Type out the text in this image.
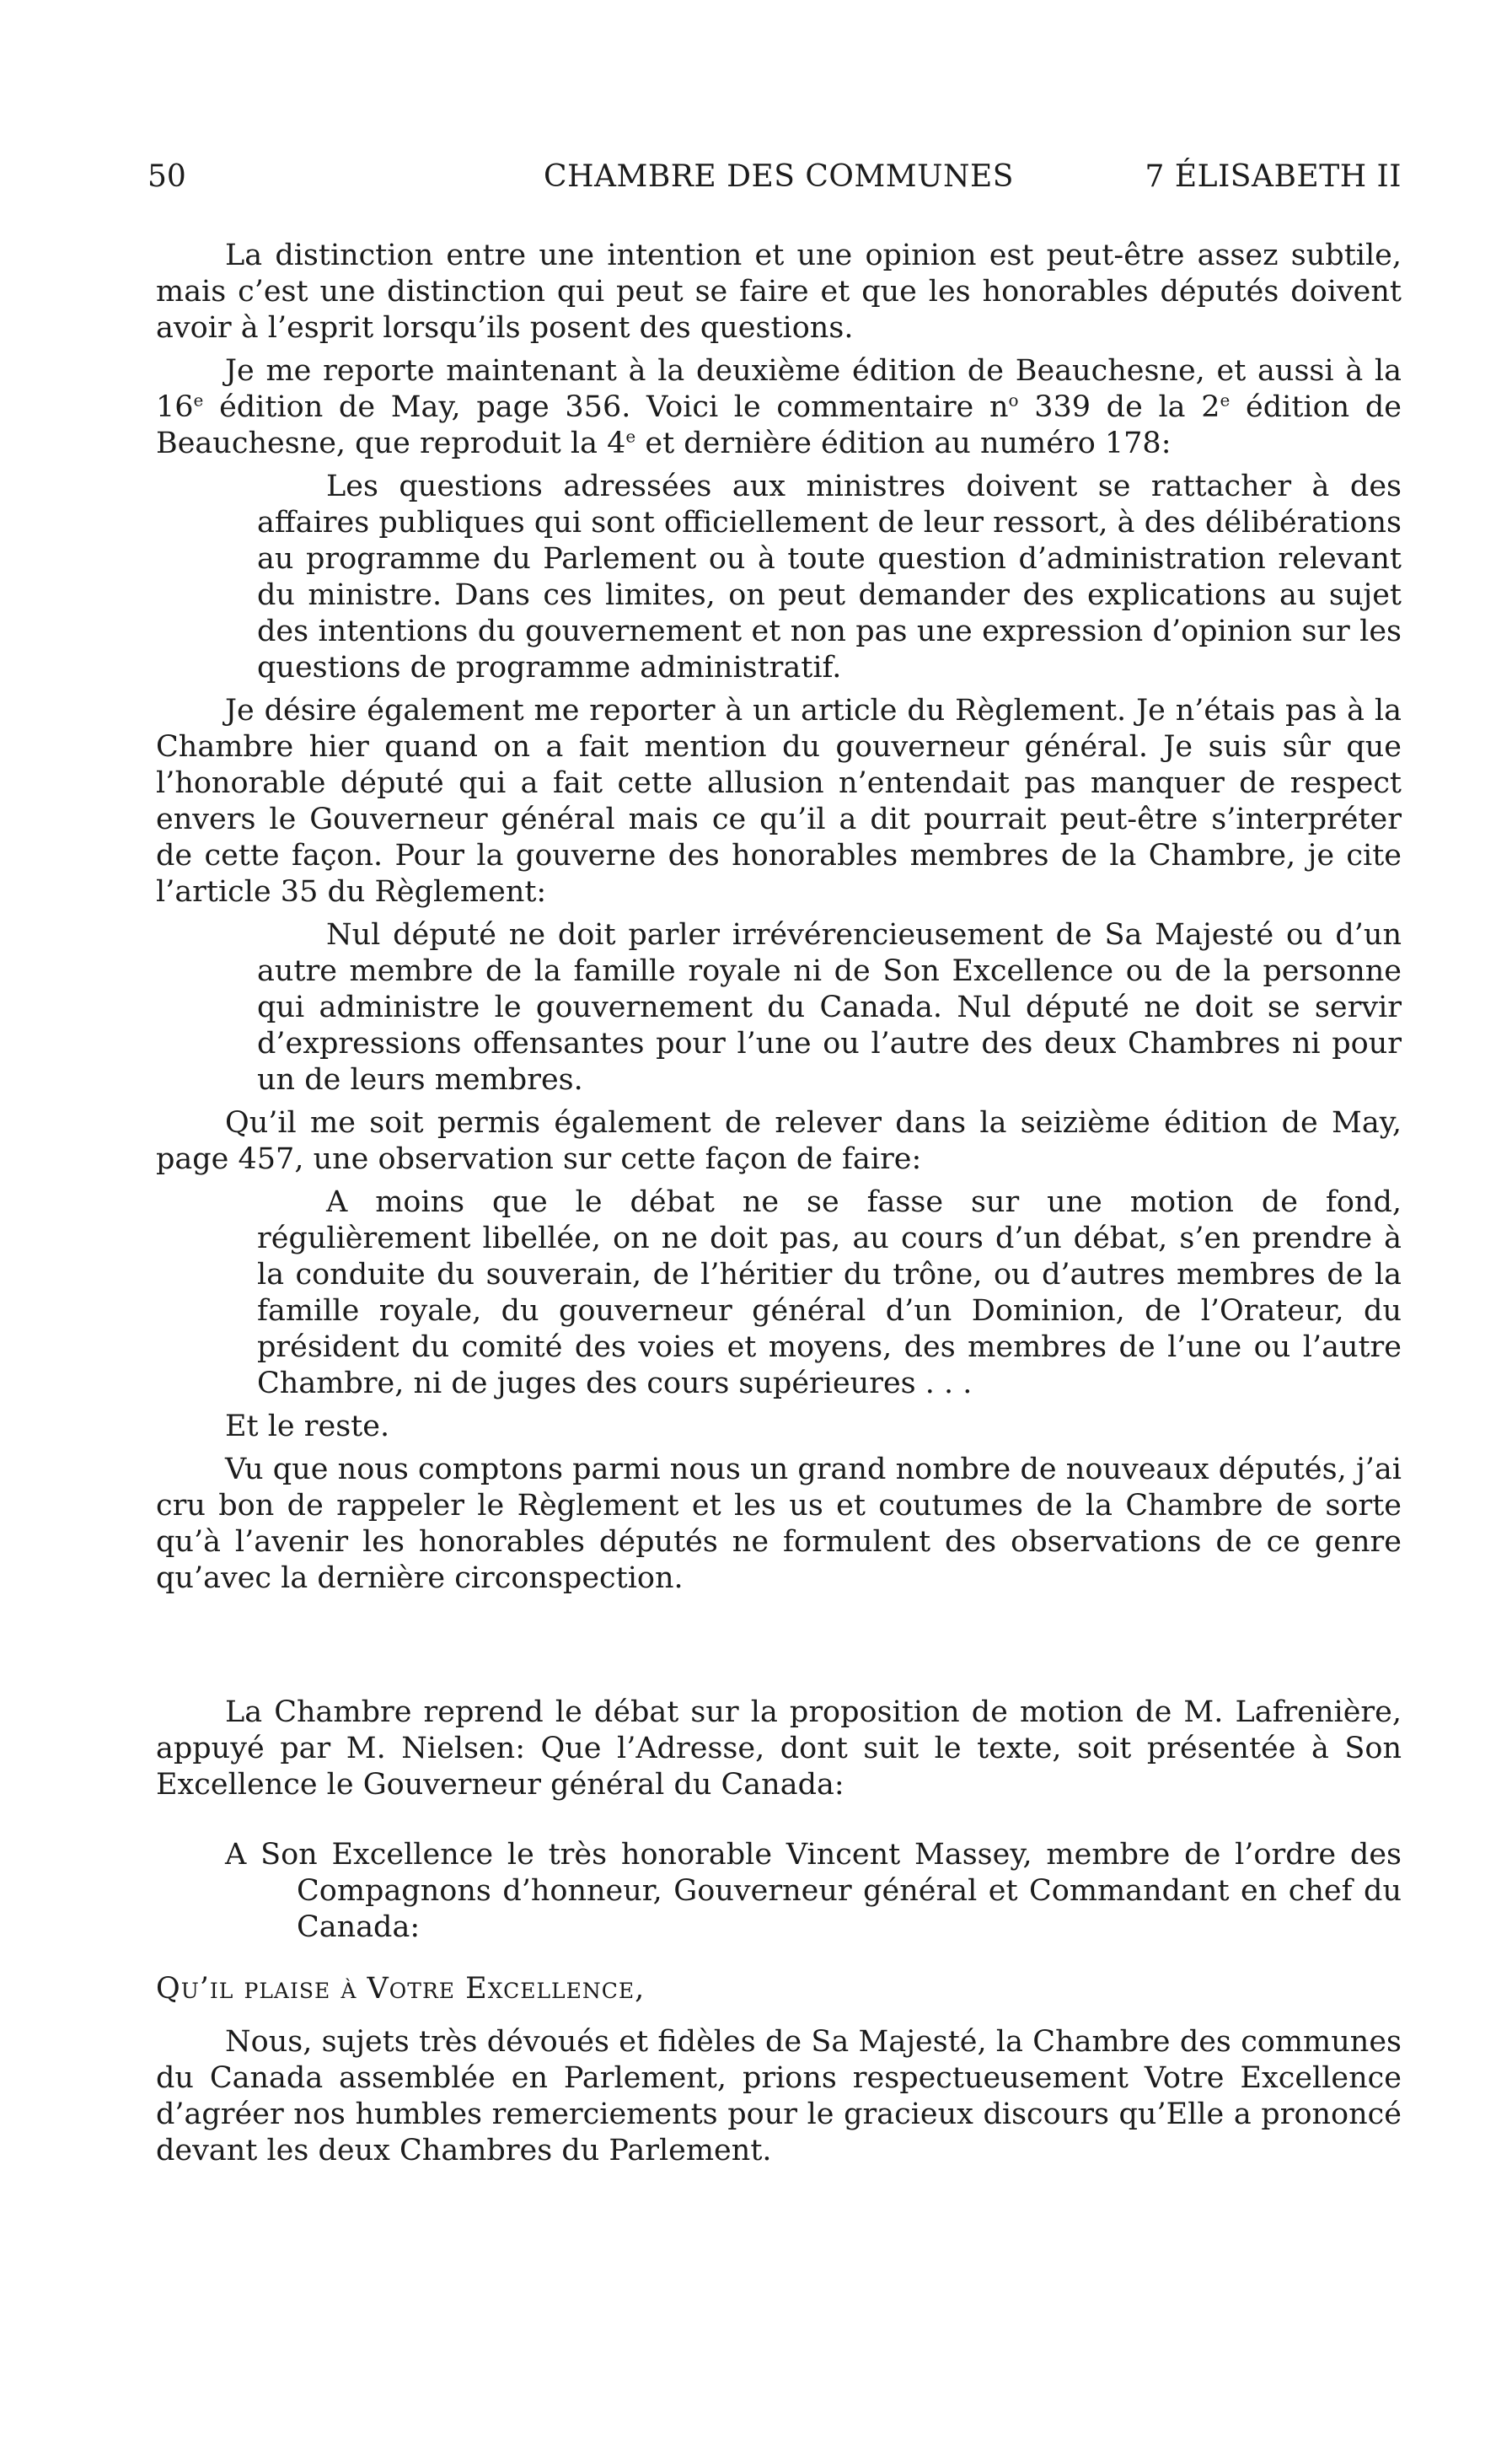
50	CHAMBRE DES COMMUNES	7 ÉLISABETH II

La distinction entre une intention et une opinion est peut-être assez subtile, mais c’est une distinction qui peut se faire et que les honorables députés doivent avoir à l’esprit lorsqu’ils posent des questions.

Je me reporte maintenant à la deuxième édition de Beauchesne, et aussi à la 16e édition de May, page 356. Voici le commentaire $n^o$ 339 de la 2e édition de Beauchesne, que reproduit la 4e et dernière édition au numéro 178:

Les questions adressées aux ministres doivent se rattacher à des affaires publiques qui sont officiellement de leur ressort, à des délibérations au programme du Parlement ou à toute question d’administration relevant du ministre. Dans ces limites, on peut demander des explications au sujet des intentions du gouvernement et non pas une expression d’opinion sur les questions de programme administratif.

Je désire également me reporter à un article du Règlement. Je n’étais pas à la Chambre hier quand on a fait mention du gouverneur général. Je suis sûr que l’honorable député qui a fait cette allusion n’entendait pas manquer de respect envers le Gouverneur général mais ce qu’il a dit pourrait peut-être s’interpréter de cette façon. Pour la gouverne des honorables membres de la Chambre, je cite l’article 35 du Règlement:

Nul député ne doit parler irrévérencieusement de Sa Majesté ou d’un autre membre de la famille royale ni de Son Excellence ou de la personne qui administre le gouvernement du Canada. Nul député ne doit se servir d’expressions offensantes pour l’une ou l’autre des deux Chambres ni pour un de leurs membres.

Qu’il me soit permis également de relever dans la seizième édition de May, page 457, une observation sur cette façon de faire:

A moins que le débat ne se fasse sur une motion de fond, régulièrement libellée, on ne doit pas, au cours d’un débat, s’en prendre à la conduite du souverain, de l’héritier du trône, ou d’autres membres de la famille royale, du gouverneur général d’un Dominion, de l’Orateur, du président du comité des voies et moyens, des membres de l’une ou l’autre Chambre, ni de juges des cours supérieures . . .

Et le reste.

Vu que nous comptons parmi nous un grand nombre de nouveaux députés, j’ai cru bon de rappeler le Règlement et les us et coutumes de la Chambre de sorte qu’à l’avenir les honorables députés ne formulent des observations de ce genre qu’avec la dernière circonspection.

La Chambre reprend le débat sur la proposition de motion de M. Lafrenière, appuyé par M. Nielsen: Que l’Adresse, dont suit le texte, soit présentée à Son Excellence le Gouverneur général du Canada:

A Son Excellence le très honorable Vincent Massey, membre de l’ordre des Compagnons d’honneur, Gouverneur général et Commandant en chef du Canada:

Qu’il plaise à Votre Excellence,

Nous, sujets très dévoués et fidèles de Sa Majesté, la Chambre des communes du Canada assemblée en Parlement, prions respectueusement Votre Excellence d’agréer nos humbles remerciements pour le gracieux discours qu’Elle a prononcé devant les deux Chambres du Parlement.
